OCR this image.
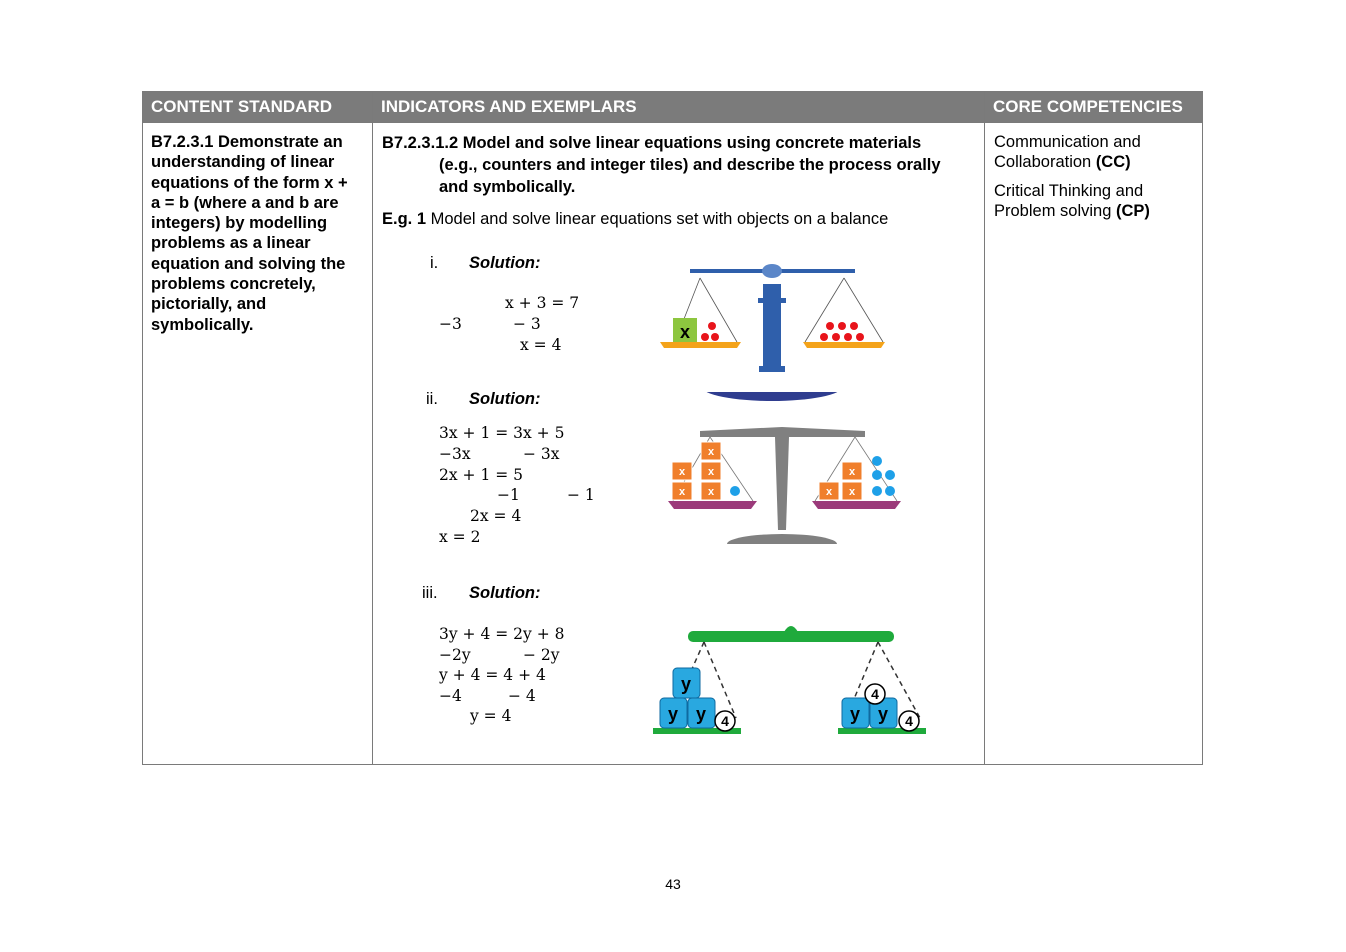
CONTENT STANDARD	INDICATORS AND EXEMPLARS	CORE COMPETENCIES
B7.2.3.1 Demonstrate an
understanding of linear
equations of the form x +
a = b (where a and b are
integers) by modelling
problems as a linear
equation and solving the
problems concretely,
pictorially, and
symbolically.
B7.2.3.1.2 Model and solve linear equations using concrete materials
(e.g., counters and integer tiles) and describe the process orally
and symbolically.
E.g. 1 Model and solve linear equations set with objects on a balance
i. Solution:
x + 3 = 7
−3	− 3
x = 4
ii. Solution:
3x + 1 = 3x + 5
−3x	− 3x
2x + 1 = 5
−1	− 1
2x = 4
x = 2
iii. Solution:
3y + 4 = 2y + 8
−2y	− 2y
y + 4 = 4 + 4
−4	− 4
y = 4

Communication and
Collaboration (CC)

Critical Thinking and
Problem solving (CP)

x
x
x x
x x
x
x x
y
y y	y y
4
4
4
43
